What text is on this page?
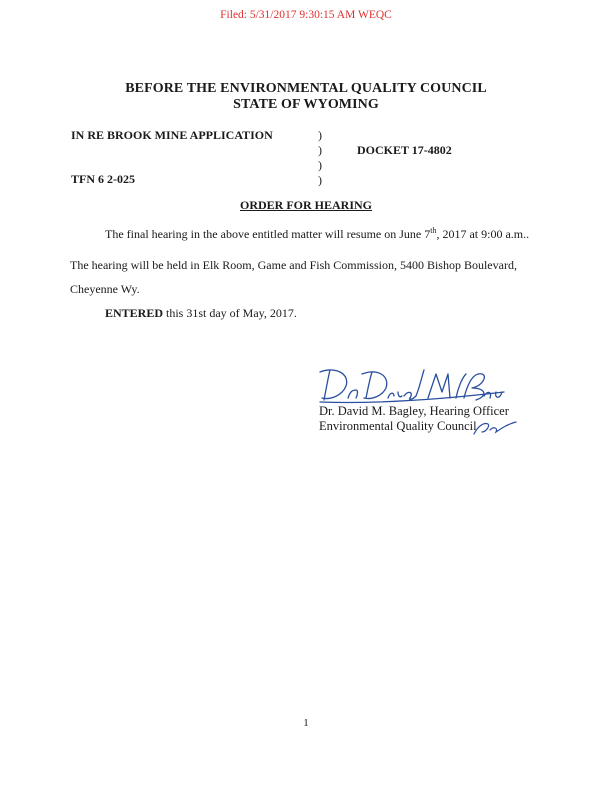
Filed: 5/31/2017 9:30:15 AM WEQC
BEFORE THE ENVIRONMENTAL QUALITY COUNCIL
STATE OF WYOMING
IN RE BROOK MINE APPLICATION
TFN 6 2-025
DOCKET 17-4802
)
)
)
)
ORDER FOR HEARING
The final hearing in the above entitled matter will resume on June 7th, 2017 at 9:00 a.m..
The hearing will be held in Elk Room, Game and Fish Commission, 5400 Bishop Boulevard,
Cheyenne Wy.
ENTERED this 31st day of May, 2017.
Dr. David M. Bagley, Hearing Officer
Environmental Quality Council
1
